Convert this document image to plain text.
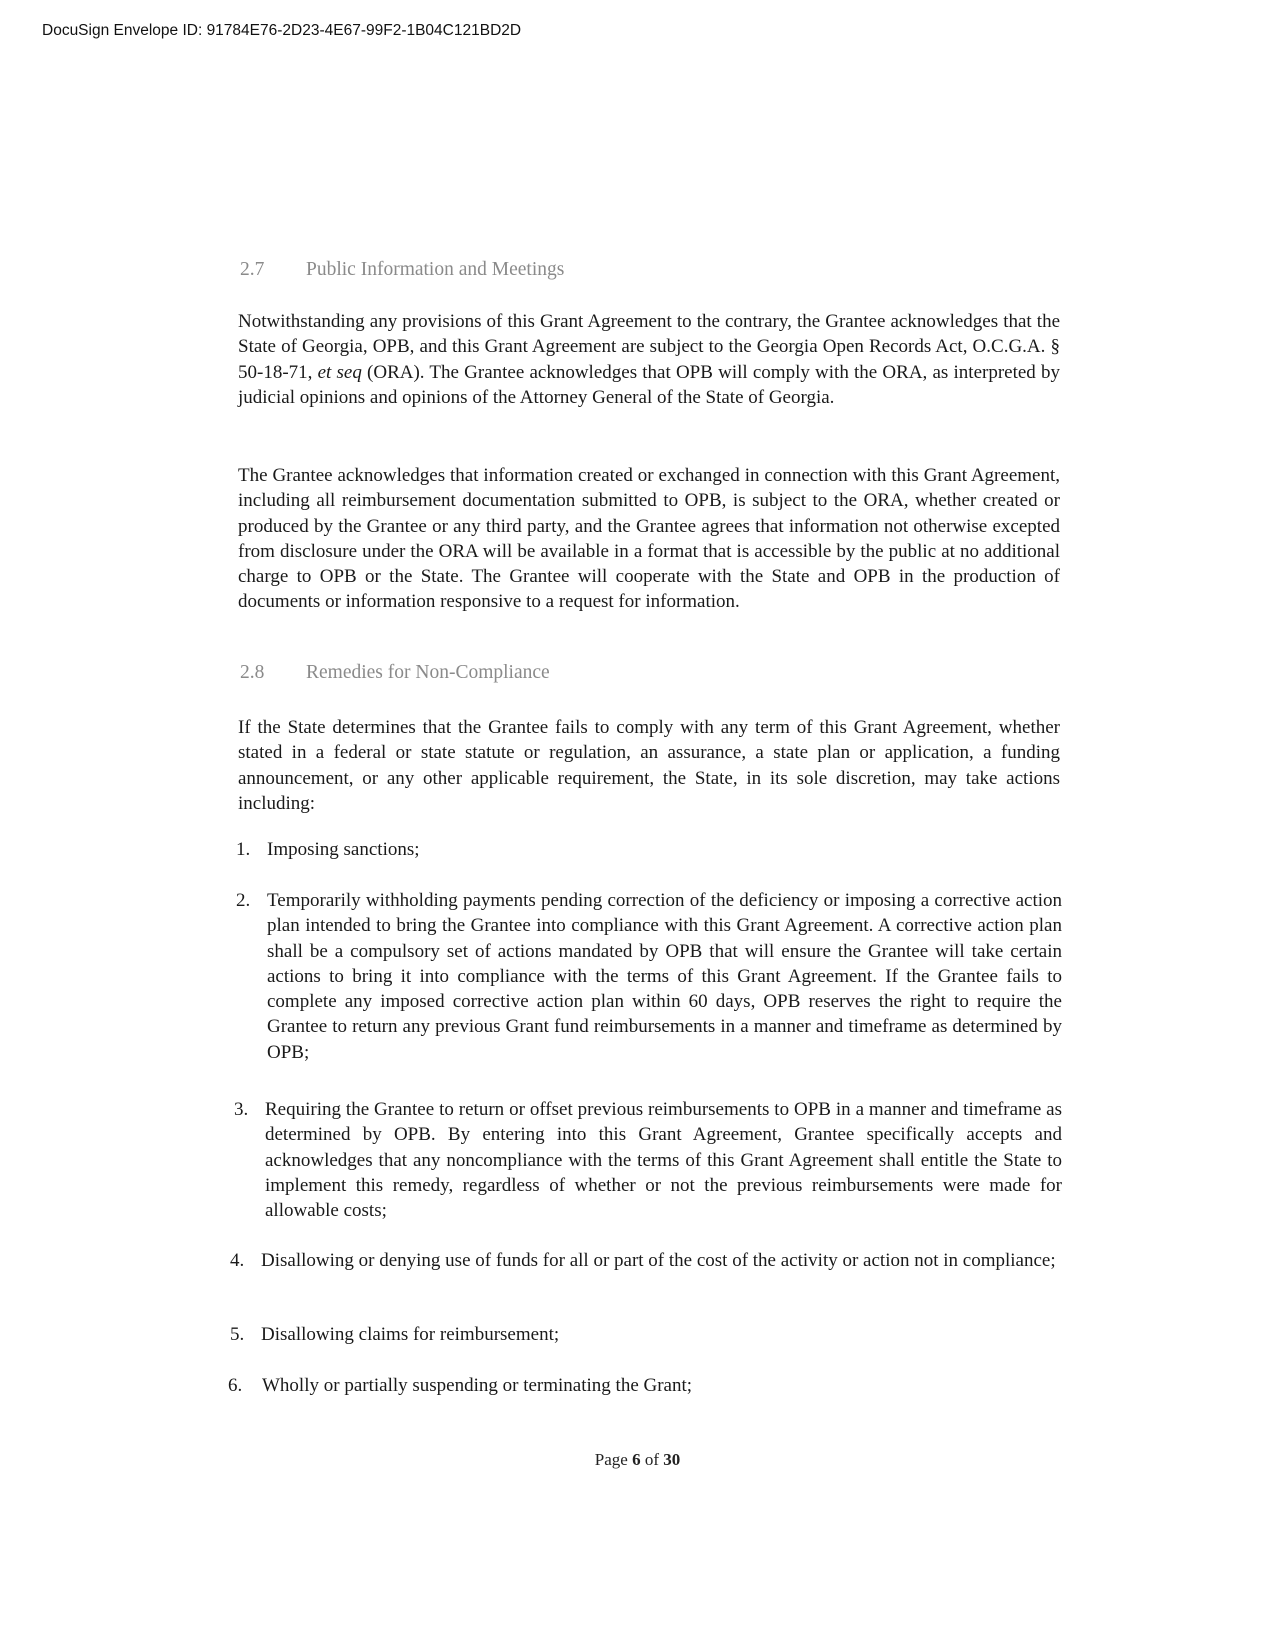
DocuSign Envelope ID: 91784E76-2D23-4E67-99F2-1B04C121BD2D
2.7 Public Information and Meetings
Notwithstanding any provisions of this Grant Agreement to the contrary, the Grantee acknowledges that the State of Georgia, OPB, and this Grant Agreement are subject to the Georgia Open Records Act, O.C.G.A. § 50-18-71, et seq (ORA). The Grantee acknowledges that OPB will comply with the ORA, as interpreted by judicial opinions and opinions of the Attorney General of the State of Georgia.
The Grantee acknowledges that information created or exchanged in connection with this Grant Agreement, including all reimbursement documentation submitted to OPB, is subject to the ORA, whether created or produced by the Grantee or any third party, and the Grantee agrees that information not otherwise excepted from disclosure under the ORA will be available in a format that is accessible by the public at no additional charge to OPB or the State. The Grantee will cooperate with the State and OPB in the production of documents or information responsive to a request for information.
2.8 Remedies for Non-Compliance
If the State determines that the Grantee fails to comply with any term of this Grant Agreement, whether stated in a federal or state statute or regulation, an assurance, a state plan or application, a funding announcement, or any other applicable requirement, the State, in its sole discretion, may take actions including:
1. Imposing sanctions;
2. Temporarily withholding payments pending correction of the deficiency or imposing a corrective action plan intended to bring the Grantee into compliance with this Grant Agreement. A corrective action plan shall be a compulsory set of actions mandated by OPB that will ensure the Grantee will take certain actions to bring it into compliance with the terms of this Grant Agreement. If the Grantee fails to complete any imposed corrective action plan within 60 days, OPB reserves the right to require the Grantee to return any previous Grant fund reimbursements in a manner and timeframe as determined by OPB;
3. Requiring the Grantee to return or offset previous reimbursements to OPB in a manner and timeframe as determined by OPB. By entering into this Grant Agreement, Grantee specifically accepts and acknowledges that any noncompliance with the terms of this Grant Agreement shall entitle the State to implement this remedy, regardless of whether or not the previous reimbursements were made for allowable costs;
4. Disallowing or denying use of funds for all or part of the cost of the activity or action not in compliance;
5. Disallowing claims for reimbursement;
6.	Wholly or partially suspending or terminating the Grant;
Page 6 of 30
